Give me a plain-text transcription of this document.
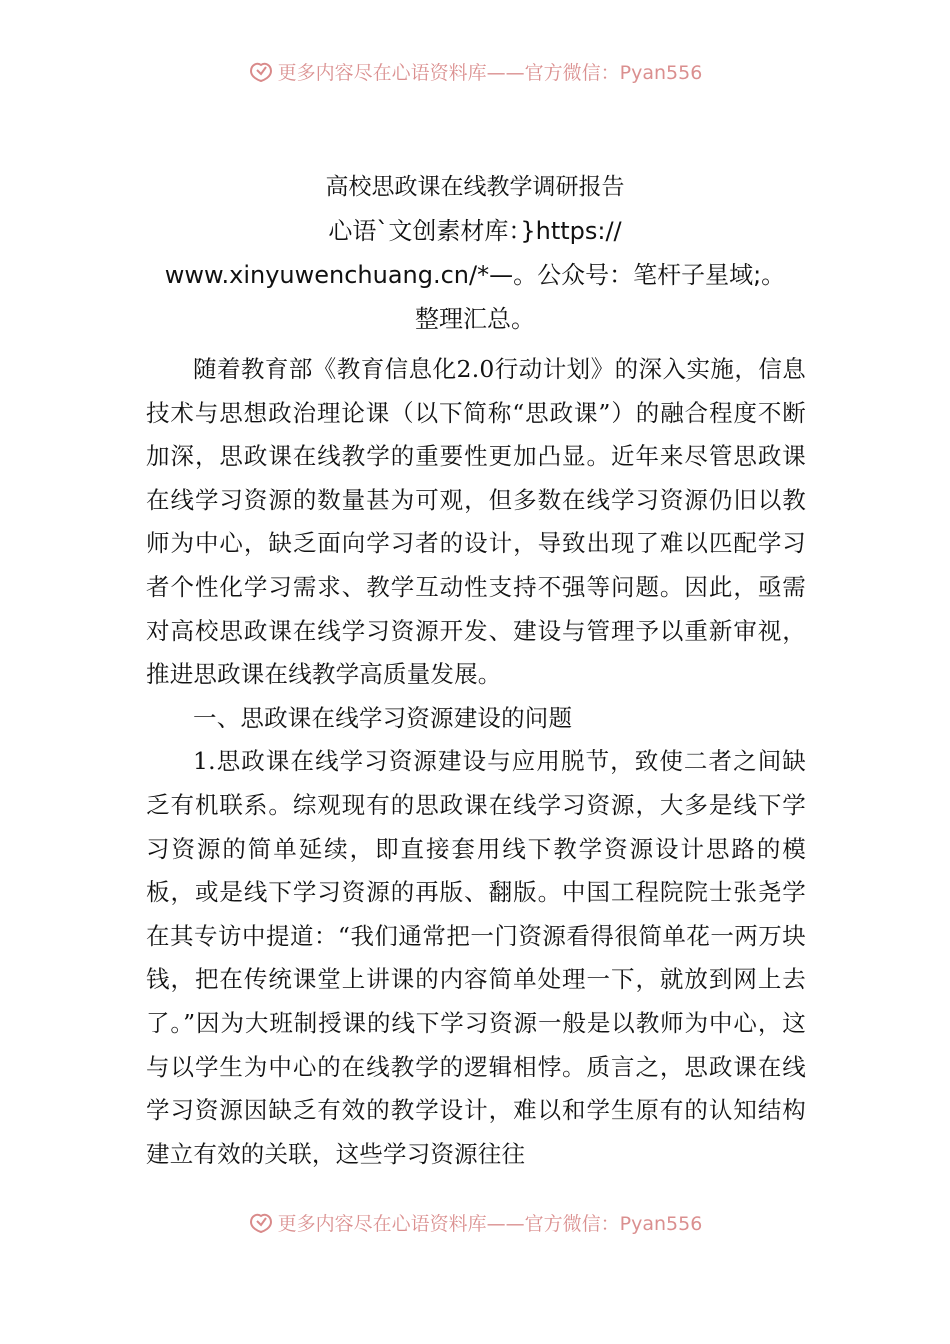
更多内容尽在心语资料库——官方微信：Pyan556
高校思政课在线教学调研报告
心语`文创素材库：}https://
www.xinyuwenchuang.cn/*—。公众号：笔杆子星域;。
整理汇总。

随着教育部《教育信息化2.0行动计划》的深入实施，信息技术与思想政治理论课（以下简称“思政课”）的融合程度不断加深，思政课在线教学的重要性更加凸显。近年来尽管思政课在线学习资源的数量甚为可观，但多数在线学习资源仍旧以教师为中心，缺乏面向学习者的设计，导致出现了难以匹配学习者个性化学习需求、教学互动性支持不强等问题。因此，亟需对高校思政课在线学习资源开发、建设与管理予以重新审视，推进思政课在线教学高质量发展。

一、思政课在线学习资源建设的问题

1.思政课在线学习资源建设与应用脱节，致使二者之间缺乏有机联系。综观现有的思政课在线学习资源，大多是线下学习资源的简单延续，即直接套用线下教学资源设计思路的模板，或是线下学习资源的再版、翻版。中国工程院院士张尧学在其专访中提道：“我们通常把一门资源看得很简单花一两万块钱，把在传统课堂上讲课的内容简单处理一下，就放到网上去了。”因为大班制授课的线下学习资源一般是以教师为中心，这与以学生为中心的在线教学的逻辑相悖。质言之，思政课在线学习资源因缺乏有效的教学设计，难以和学生原有的认知结构建立有效的关联，这些学习资源往往

更多内容尽在心语资料库——官方微信：Pyan556
